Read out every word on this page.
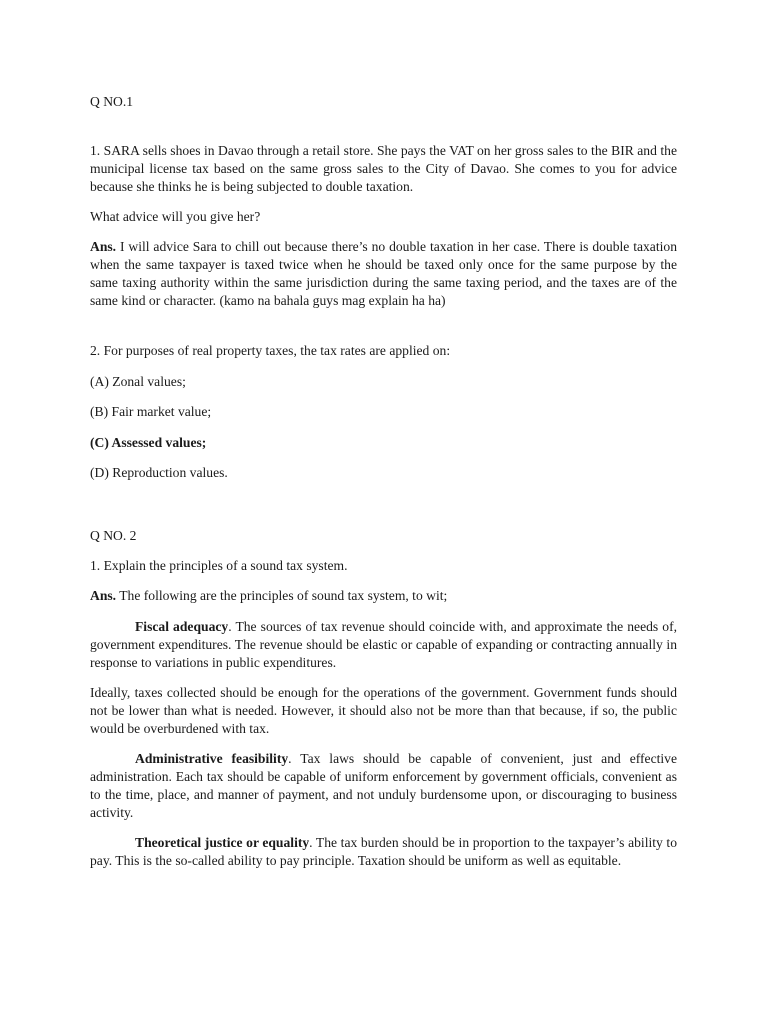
Q NO.1

1. SARA sells shoes in Davao through a retail store. She pays the VAT on her gross sales to the BIR and the municipal license tax based on the same gross sales to the City of Davao. She comes to you for advice because she thinks he is being subjected to double taxation.

What advice will you give her?

Ans. I will advice Sara to chill out because there’s no double taxation in her case. There is double taxation when the same taxpayer is taxed twice when he should be taxed only once for the same purpose by the same taxing authority within the same jurisdiction during the same taxing period, and the taxes are of the same kind or character. (kamo na bahala guys mag explain ha ha)

2. For purposes of real property taxes, the tax rates are applied on:

(A) Zonal values;

(B) Fair market value;

(C) Assessed values;

(D) Reproduction values.

Q NO. 2

1. Explain the principles of a sound tax system.

Ans. The following are the principles of sound tax system, to wit;

Fiscal adequacy. The sources of tax revenue should coincide with, and approximate the needs of, government expenditures. The revenue should be elastic or capable of expanding or contracting annually in response to variations in public expenditures.

Ideally, taxes collected should be enough for the operations of the government. Government funds should not be lower than what is needed. However, it should also not be more than that because, if so, the public would be overburdened with tax.

Administrative feasibility. Tax laws should be capable of convenient, just and effective administration. Each tax should be capable of uniform enforcement by government officials, convenient as to the time, place, and manner of payment, and not unduly burdensome upon, or discouraging to business activity.

Theoretical justice or equality. The tax burden should be in proportion to the taxpayer’s ability to pay. This is the so-called ability to pay principle. Taxation should be uniform as well as equitable.
